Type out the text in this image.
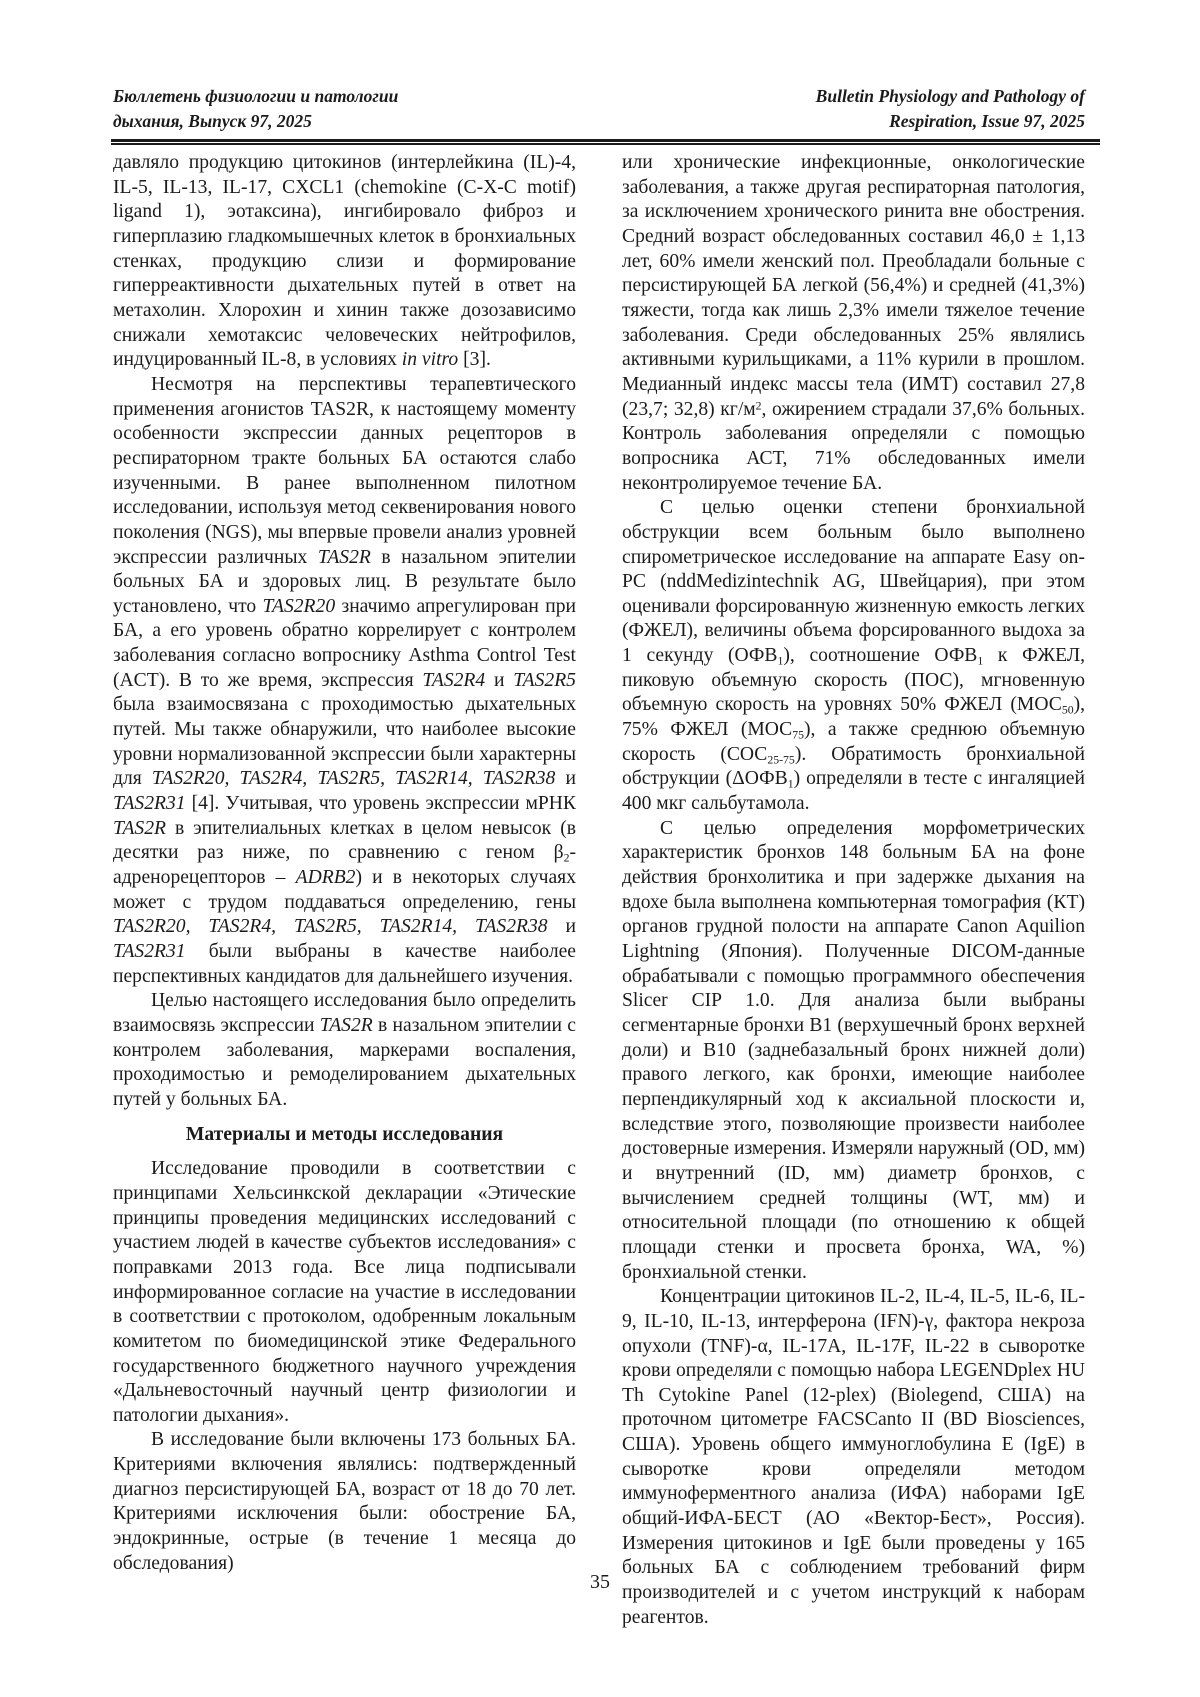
Бюллетень физиологии и патологии
дыхания, Выпуск 97, 2025
Bulletin Physiology and Pathology of
Respiration, Issue 97, 2025

давляло продукцию цитокинов (интерлейкина (IL)-4, IL-5, IL-13, IL-17, CXCL1 (chemokine (C-X-C motif) ligand 1), эотаксина), ингибировало фиброз и гиперплазию гладкомышечных клеток в бронхиальных стенках, продукцию слизи и формирование гиперреактивности дыхательных путей в ответ на метахолин. Хлорохин и хинин также дозозависимо снижали хемотаксис человеческих нейтрофилов, индуцированный IL-8, в условиях in vitro [3].

Несмотря на перспективы терапевтического применения агонистов TAS2R, к настоящему моменту особенности экспрессии данных рецепторов в респираторном тракте больных БА остаются слабо изученными. В ранее выполненном пилотном исследовании, используя метод секвенирования нового поколения (NGS), мы впервые провели анализ уровней экспрессии различных TAS2R в назальном эпителии больных БА и здоровых лиц. В результате было установлено, что TAS2R20 значимо апрегулирован при БА, а его уровень обратно коррелирует с контролем заболевания согласно вопроснику Asthma Control Test (ACT). В то же время, экспрессия TAS2R4 и TAS2R5 была взаимосвязана с проходимостью дыхательных путей. Мы также обнаружили, что наиболее высокие уровни нормализованной экспрессии были характерны для TAS2R20, TAS2R4, TAS2R5, TAS2R14, TAS2R38 и TAS2R31 [4]. Учитывая, что уровень экспрессии мРНК TAS2R в эпителиальных клетках в целом невысок (в десятки раз ниже, по сравнению с геном $\beta_2$-адренорецепторов – ADRB2) и в некоторых случаях может с трудом поддаваться определению, гены TAS2R20, TAS2R4, TAS2R5, TAS2R14, TAS2R38 и TAS2R31 были выбраны в качестве наиболее перспективных кандидатов для дальнейшего изучения.

Целью настоящего исследования было определить взаимосвязь экспрессии TAS2R в назальном эпителии с контролем заболевания, маркерами воспаления, проходимостью и ремоделированием дыхательных путей у больных БА.

Материалы и методы исследования

Исследование проводили в соответствии с принципами Хельсинкской декларации «Этические принципы проведения медицинских исследований с участием людей в качестве субъектов исследования» с поправками 2013 года. Все лица подписывали информированное согласие на участие в исследовании в соответствии с протоколом, одобренным локальным комитетом по биомедицинской этике Федерального государственного бюджетного научного учреждения «Дальневосточный научный центр физиологии и патологии дыхания».

В исследование были включены 173 больных БА. Критериями включения являлись: подтвержденный диагноз персистирующей БА, возраст от 18 до 70 лет. Критериями исключения были: обострение БА, эндокринные, острые (в течение 1 месяца до обследования)

или хронические инфекционные, онкологические заболевания, а также другая респираторная патология, за исключением хронического ринита вне обострения. Средний возраст обследованных составил 46,0 ± 1,13 лет, 60% имели женский пол. Преобладали больные с персистирующей БА легкой (56,4%) и средней (41,3%) тяжести, тогда как лишь 2,3% имели тяжелое течение заболевания. Среди обследованных 25% являлись активными курильщиками, а 11% курили в прошлом. Медианный индекс массы тела (ИМТ) составил 27,8 (23,7; 32,8) $кг/м^2$, ожирением страдали 37,6% больных. Контроль заболевания определяли с помощью вопросника АСТ, 71% обследованных имели неконтролируемое течение БА.

С целью оценки степени бронхиальной обструкции всем больным было выполнено спирометрическое исследование на аппарате Easy on-PC (nddMedizintechnik AG, Швейцария), при этом оценивали форсированную жизненную емкость легких (ФЖЕЛ), величины объема форсированного выдоха за 1 секунду $(ОФВ_1)$, соотношение $ОФВ_1$ к ФЖЕЛ, пиковую объемную скорость (ПОС), мгновенную объемную скорость на уровнях 50% ФЖЕЛ $(МОС_{50})$, 75% ФЖЕЛ $(МОС_{75})$, а также среднюю объемную скорость $(СОС_{25-75})$. Обратимость бронхиальной обструкции $(\Delta ОФВ_1)$ определяли в тесте с ингаляцией 400 мкг сальбутамола.

С целью определения морфометрических характеристик бронхов 148 больным БА на фоне действия бронхолитика и при задержке дыхания на вдохе была выполнена компьютерная томография (КТ) органов грудной полости на аппарате Canon Aquilion Lightning (Япония). Полученные DICOM-данные обрабатывали с помощью программного обеспечения Slicer CIP 1.0. Для анализа были выбраны сегментарные бронхи B1 (верхушечный бронх верхней доли) и B10 (заднебазальный бронх нижней доли) правого легкого, как бронхи, имеющие наиболее перпендикулярный ход к аксиальной плоскости и, вследствие этого, позволяющие произвести наиболее достоверные измерения. Измеряли наружный (OD, мм) и внутренний (ID, мм) диаметр бронхов, с вычислением средней толщины (WT, мм) и относительной площади (по отношению к общей площади стенки и просвета бронха, WA, %) бронхиальной стенки.

Концентрации цитокинов IL-2, IL-4, IL-5, IL-6, IL-9, IL-10, IL-13, интерферона (IFN)-γ, фактора некроза опухоли (TNF)-α, IL-17A, IL-17F, IL-22 в сыворотке крови определяли с помощью набора LEGENDplex HU Th Cytokine Panel (12-plex) (Biolegend, США) на проточном цитометре FACSCanto II (BD Biosciences, США). Уровень общего иммуноглобулина E (IgE) в сыворотке крови определяли методом иммуноферментного анализа (ИФА) наборами IgE общий-ИФА-БЕСТ (АО «Вектор-Бест», Россия). Измерения цитокинов и IgE были проведены у 165 больных БА с соблюдением требований фирм производителей и с учетом инструкций к наборам реагентов.

35
